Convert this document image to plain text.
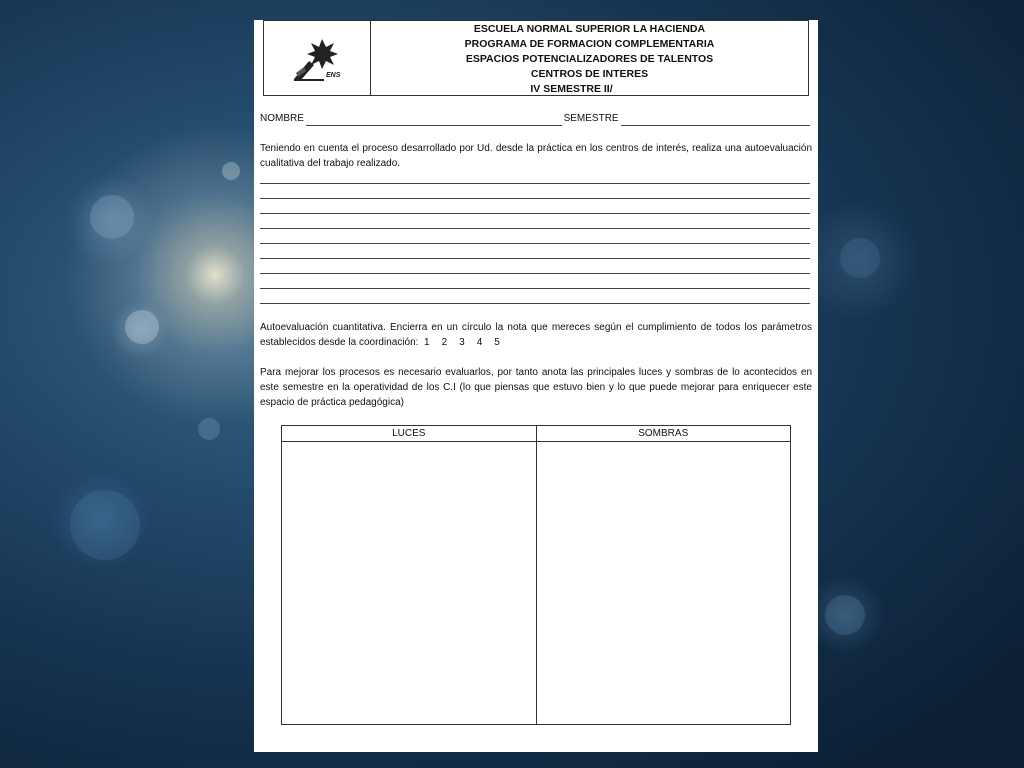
ENS
ESCUELA NORMAL SUPERIOR LA HACIENDA
PROGRAMA DE FORMACION COMPLEMENTARIA
ESPACIOS POTENCIALIZADORES DE TALENTOS
CENTROS DE INTERES
IV SEMESTRE II/
NOMBRE	SEMESTRE
Teniendo en cuenta el proceso desarrollado por Ud. desde la práctica en los centros de interés, realiza una autoevaluación cualitativa del trabajo realizado.
Autoevaluación cuantitativa. Encierra en un círculo la nota que mereces según el cumplimiento de todos los parámetros establecidos desde la coordinación: 1 2 3 4 5
Para mejorar los procesos es necesario evaluarlos, por tanto anota las principales luces y sombras de lo acontecidos en este semestre en la operatividad de los C.I (lo que piensas que estuvo bien y lo que puede mejorar para enriquecer este espacio de práctica pedagógica)
LUCES	SOMBRAS
